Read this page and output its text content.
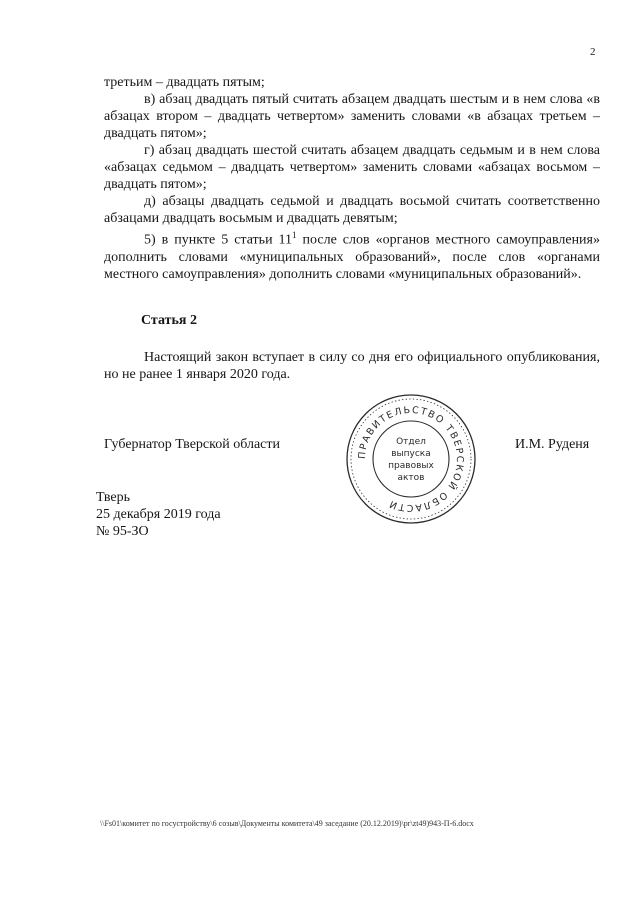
2

третьим – двадцать пятым;

в) абзац двадцать пятый считать абзацем двадцать шестым и в нем слова «в абзацах втором – двадцать четвертом» заменить словами «в абзацах третьем – двадцать пятом»;

г) абзац двадцать шестой считать абзацем двадцать седьмым и в нем слова «абзацах седьмом – двадцать четвертом» заменить словами «абзацах восьмом – двадцать пятом»;

д) абзацы двадцать седьмой и двадцать восьмой считать соответственно абзацами двадцать восьмым и двадцать девятым;

5) в пункте 5 статьи $11^1$ после слов «органов местного самоуправления» дополнить словами «муниципальных образований», после слов «органами местного самоуправления» дополнить словами «муниципальных образований».

Статья 2

Настоящий закон вступает в силу со дня его официального опубликования, но не ранее 1 января 2020 года.

Губернатор Тверской области	И.М. Руденя
ПРАВИТЕЛЬСТВО ТВЕРСКОЙ ОБЛАСТИ
Отдел
выпуска
правовых
актов
Тверь
25 декабря 2019 года
№ 95-ЗО
\\Fs01\комитет по госустройству\6 созыв\Документы комитета\49 заседание (20.12.2019)\pr\zt49)943-П-6.docx
